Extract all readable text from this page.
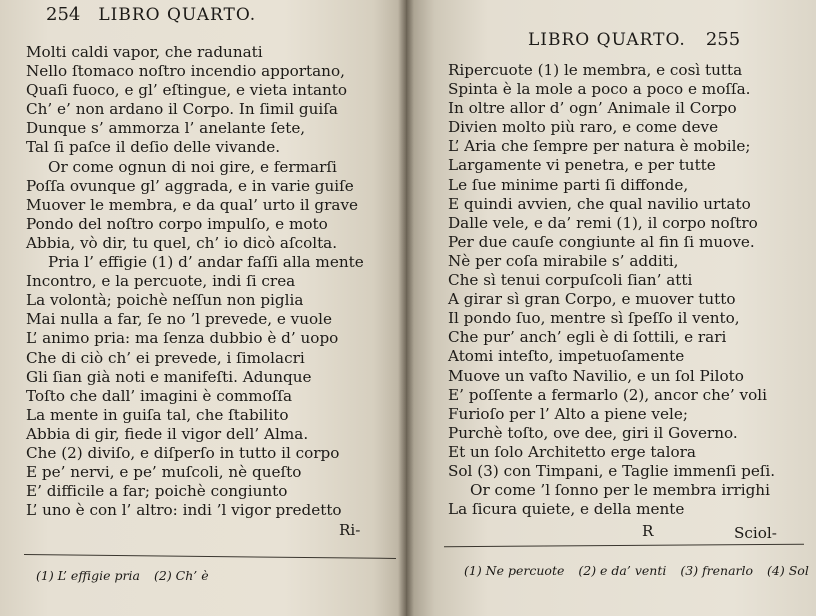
254 LIBRO QUARTO.
Molti caldi vapor, che radunati
Nello ſtomaco noſtro incendio apportano,
Quaſi fuoco, e gl’ eſtingue, e vieta intanto
Ch’ e’ non ardano il Corpo. In ſimil guiſa
Dunque s’ ammorza l’ anelante ſete,
Tal ſi paſce il deſio delle vivande.
Or come ognun di noi gire, e fermarſi
Poſſa ovunque gl’ aggrada, e in varie guiſe
Muover le membra, e da qual’ urto il grave
Pondo del noſtro corpo impulſo, e moto
Abbia, vò dir, tu quel, ch’ io dicò aſcolta.
Pria l’ effigie (1) d’ andar faſſi alla mente
Incontro, e la percuote, indi ſi crea
La volontà; poichè neſſun non piglia
Mai nulla a far, ſe no ’l prevede, e vuole
L’ animo pria: ma ſenza dubbio è d’ uopo
Che di ciò ch’ ei prevede, i ſimolacri
Gli ſian già noti e manifeſti. Adunque
Toſto che dall’ imagini è commoſſa
La mente in guiſa tal, che ſtabilito
Abbia di gir, fiede il vigor dell’ Alma.
Che (2) diviſo, e diſperſo in tutto il corpo
E pe’ nervi, e pe’ muſcoli, nè queſto
E’ difficile a far; poichè congiunto
L’ uno è con l’ altro: indi ’l vigor predetto
Ri-
(1) L’ effigie pria (2) Ch’ è
LIBRO QUARTO. 255
Ripercuote (1) le membra, e così tutta
Spinta è la mole a poco a poco e moſſa.
In oltre allor d’ ogn’ Animale il Corpo
Divien molto più raro, e come deve
L’ Aria che ſempre per natura è mobile;
Largamente vi penetra, e per tutte
Le ſue minime parti ſi diffonde,
E quindi avvien, che qual navilio urtato
Dalle vele, e da’ remi (1), il corpo noſtro
Per due cauſe congiunte al fin ſi muove.
Nè per coſa mirabile s’ additi,
Che sì tenui corpuſcoli ſian’ atti
A girar sì gran Corpo, e muover tutto
Il pondo ſuo, mentre sì ſpeſſo il vento,
Che pur’ anch’ egli è di ſottili, e rari
Atomi inteſto, impetuoſamente
Muove un vaſto Navilio, e un ſol Piloto
E’ poſſente a fermarlo (2), ancor che’ voli
Furioſo per l’ Alto a piene vele;
Purchè toſto, ove dee, giri il Governo.
Et un ſolo Architetto erge talora
Sol (3) con Timpani, e Taglie immenſi peſi.
Or come ’l ſonno per le membra irrighi
La ſicura quiete, e della mente
R	Sciol-
(1) Ne percuote (2) e da’ venti (3) frenarlo (4) Sol
